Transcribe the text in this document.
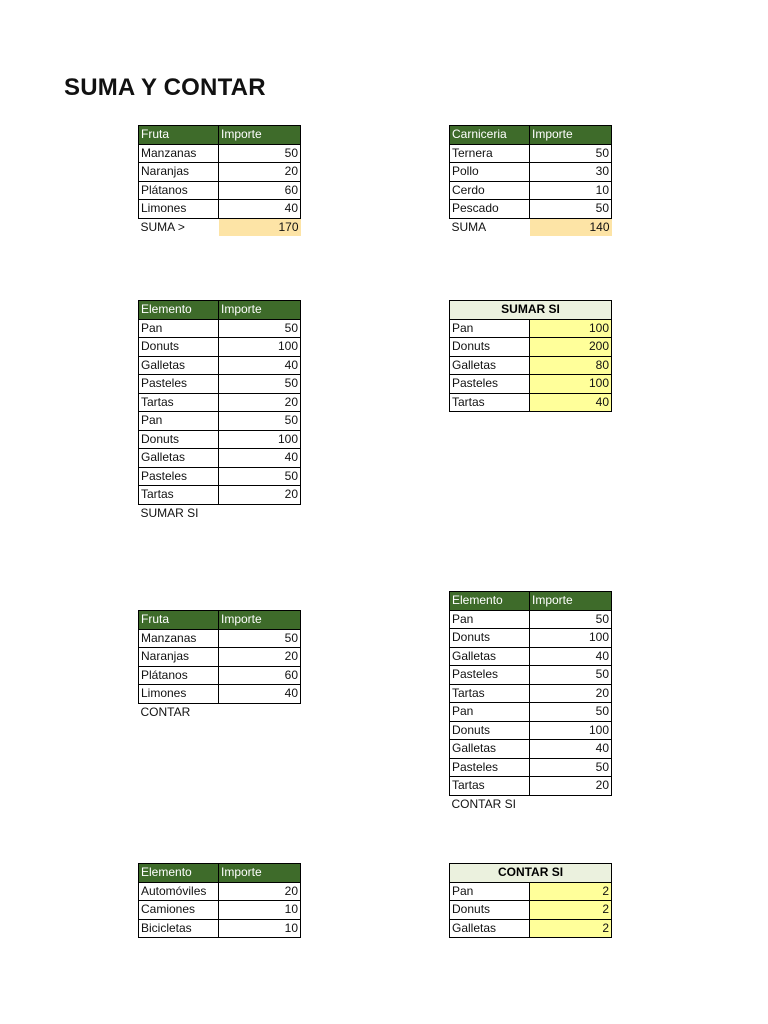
SUMA Y CONTAR
Fruta	Importe
Manzanas	50
Naranjas	20
Plátanos	60
Limones	40
SUMA >	170
Carniceria	Importe
Ternera	50
Pollo	30
Cerdo	10
Pescado	50
SUMA	140
Elemento	Importe
Pan	50
Donuts	100
Galletas	40
Pasteles	50
Tartas	20
Pan	50
Donuts	100
Galletas	40
Pasteles	50
Tartas	20
SUMAR SI	
SUMAR SI	
Pan	100
Donuts	200
Galletas	80
Pasteles	100
Tartas	40
Fruta	Importe
Manzanas	50
Naranjas	20
Plátanos	60
Limones	40
CONTAR	
Elemento	Importe
Pan	50
Donuts	100
Galletas	40
Pasteles	50
Tartas	20
Pan	50
Donuts	100
Galletas	40
Pasteles	50
Tartas	20
CONTAR SI	
Elemento	Importe
Automóviles	20
Camiones	10
Bicicletas	10
CONTAR SI	
Pan	2
Donuts	2
Galletas	2
